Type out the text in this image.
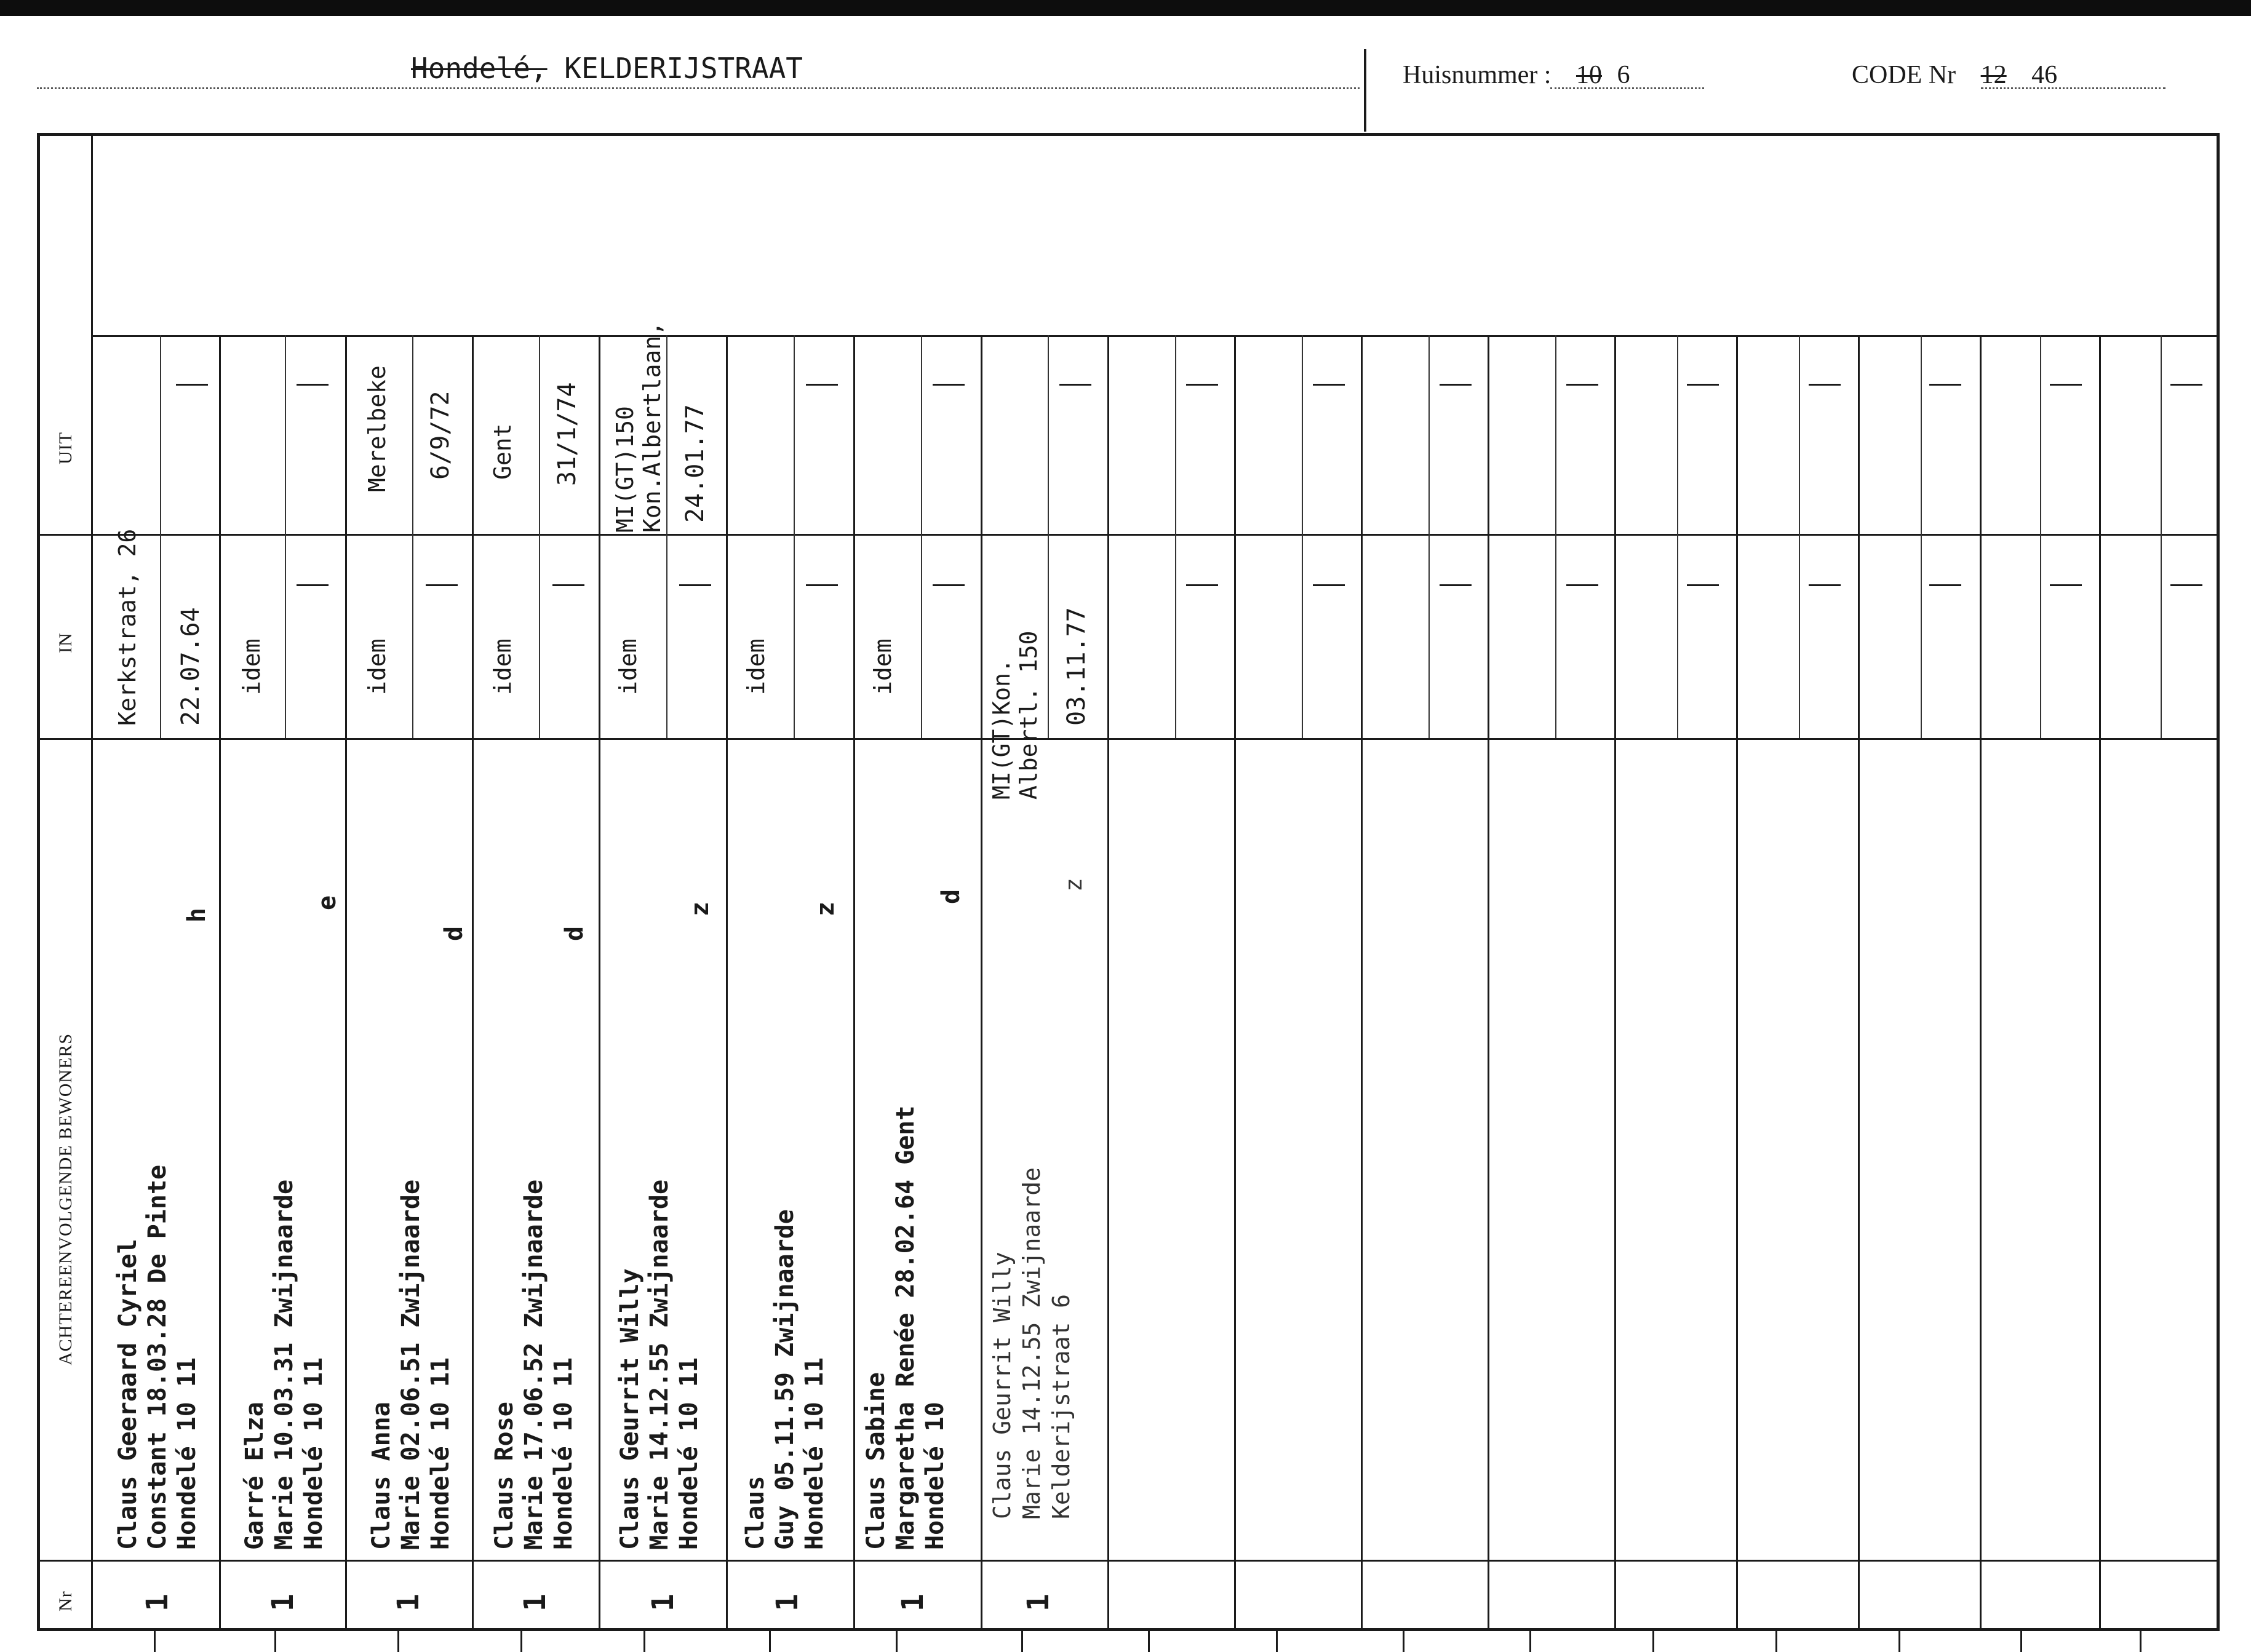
Hondelé, KELDERIJSTRAAT	Huisnummer : 10 6	CODE Nr 12 46
UIT
IN
ACHTEREENVOLGENDE BEWONERS
Nr 1
Claus Geeraard Cyriel Constant 18.03.28 De Pinte Hondelé 10 11
h
Kerkstraat, 26 22.07.64
1
Garré Elza Marie 10.03.31 Zwijnaarde Hondelé 10 11
e
idem
1
Claus Anna Marie 02.06.51 Zwijnaarde Hondelé 10 11
d
idem
Merelbeke 6/9/72
1
Claus Rose Marie 17.06.52 Zwijnaarde Hondelé 10 11
d
idem
Gent 31/1/74
1
Claus Geurrit Willy Marie 14.12.55 Zwijnaarde Hondelé 10 11
z
idem
MI(GT)150 Kon.Albertlaan, 24.01.77
1
Claus Guy 05.11.59 Zwijnaarde Hondelé 10 11
z
idem
1
Claus Sabine Margaretha Renée 28.02.64 Gent Hondelé 10
d
idem
1
Claus Geurrit Willy Marie 14.12.55 Zwijnaarde Kelderijstraat 6
z
MI(GT)Kon. Albertl. 150 03.11.77
